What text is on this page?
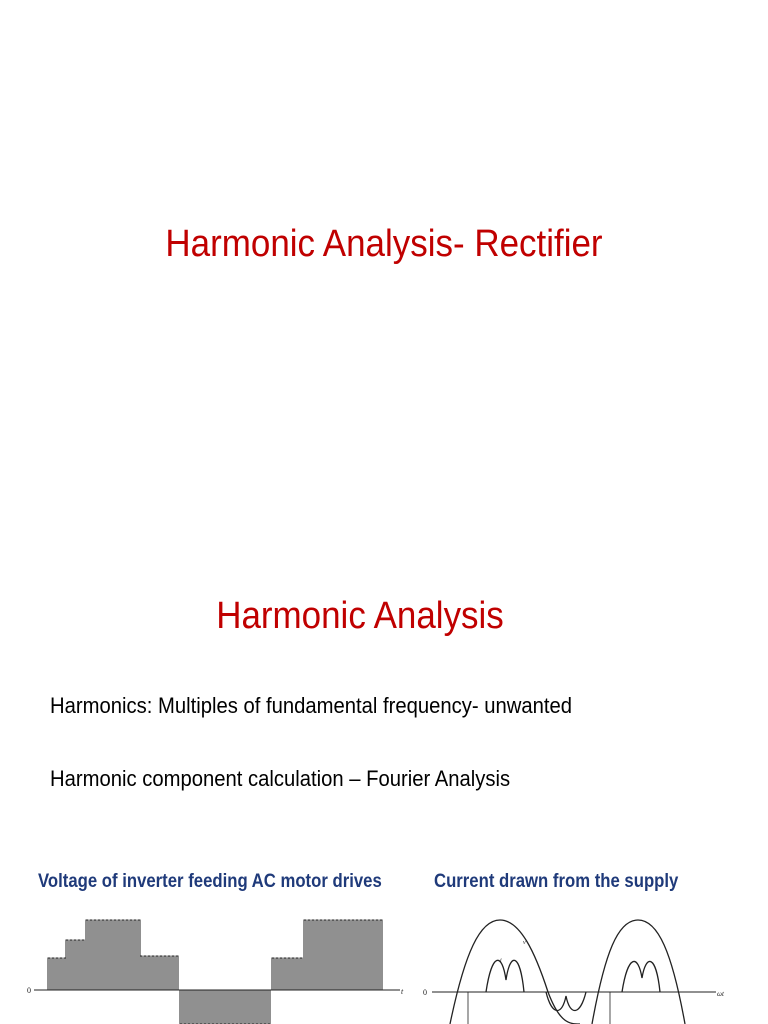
Harmonic Analysis- Rectifier
Harmonic Analysis

Harmonics: Multiples of fundamental frequency- unwanted

Harmonic component calculation – Fourier Analysis

Voltage of inverter feeding AC motor drives	Current drawn from the supply

0	t 0	ωt
v
i
